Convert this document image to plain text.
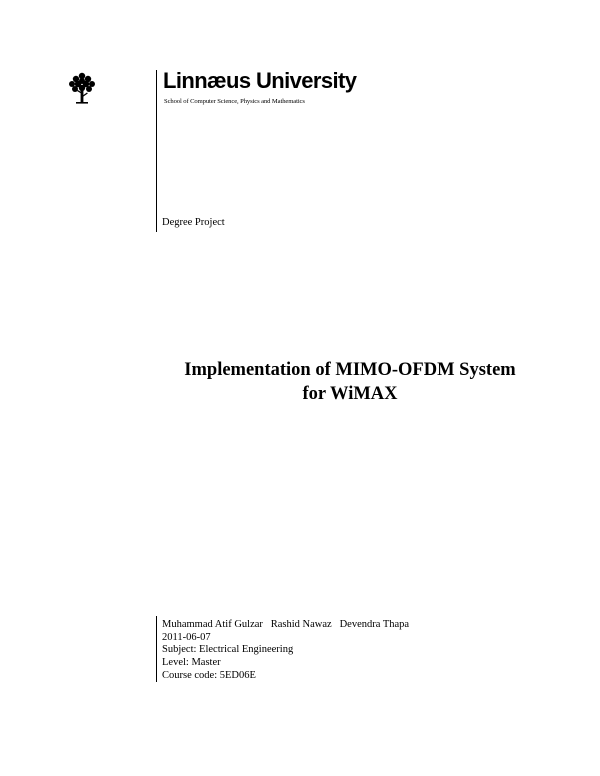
Linnæus University
School of Computer Science, Physics and Mathematics
Degree Project
Implementation of MIMO-OFDM System
for WiMAX
Muhammad Atif Gulzar   Rashid Nawaz   Devendra Thapa
2011-06-07
Subject: Electrical Engineering
Level: Master
Course code: 5ED06E
